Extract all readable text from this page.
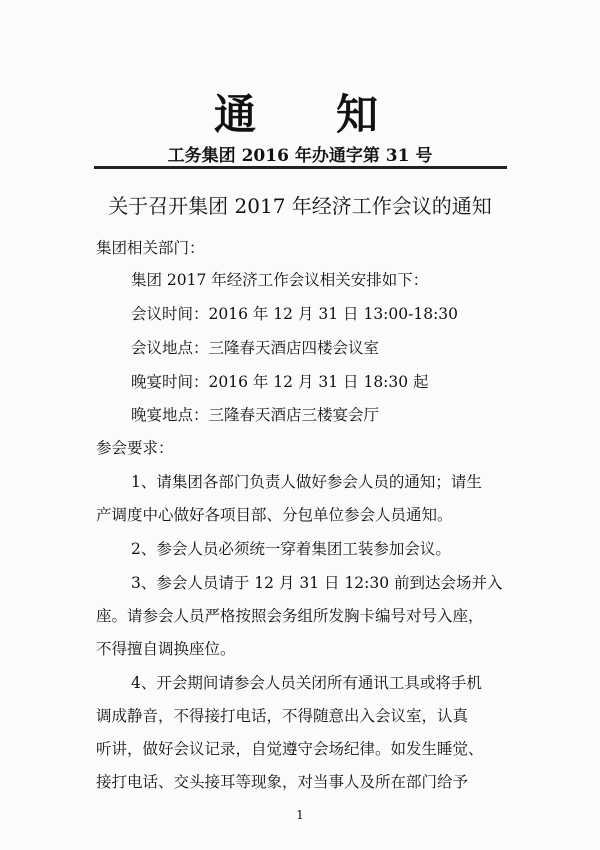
通 知
工务集团 2016 年办通字第 31 号
关于召开集团 2017 年经济工作会议的通知
集团相关部门：
集团 2017 年经济工作会议相关安排如下：
会议时间：2016 年 12 月 31 日 13:00-18:30
会议地点：三隆春天酒店四楼会议室
晚宴时间：2016 年 12 月 31 日 18:30 起
晚宴地点：三隆春天酒店三楼宴会厅
参会要求：
1、请集团各部门负责人做好参会人员的通知；请生
产调度中心做好各项目部、分包单位参会人员通知。
2、参会人员必须统一穿着集团工装参加会议。
3、参会人员请于 12 月 31 日 12:30 前到达会场并入
座。请参会人员严格按照会务组所发胸卡编号对号入座，
不得擅自调换座位。
4、开会期间请参会人员关闭所有通讯工具或将手机
调成静音，不得接打电话，不得随意出入会议室，认真
听讲，做好会议记录，自觉遵守会场纪律。如发生睡觉、
接打电话、交头接耳等现象，对当事人及所在部门给予
1
